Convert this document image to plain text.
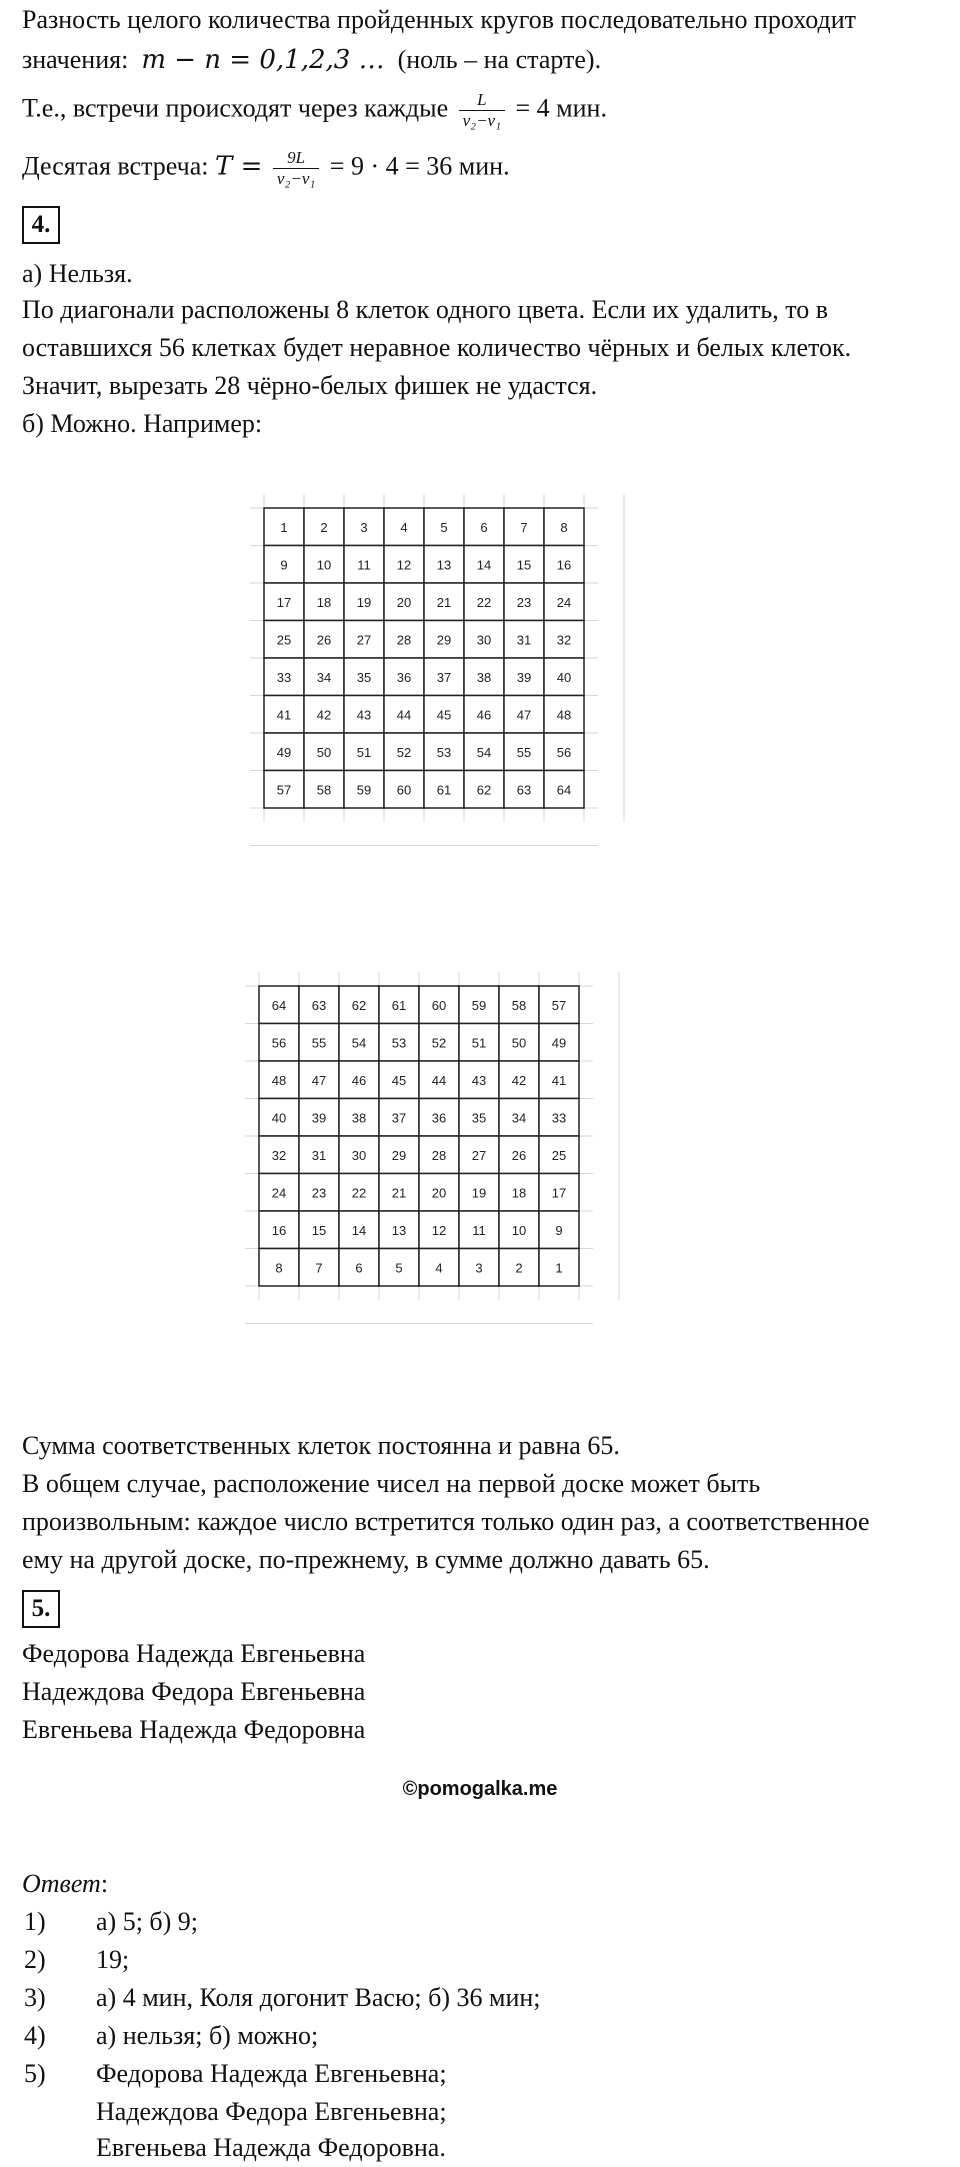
Разность целого количества пройденных кругов последовательно проходит
значения: m − n = 0,1,2,3 … (ноль – на старте).
Т.е., встречи происходят через каждые $\frac{L}{\text{v₂−v₁}} = 4$ мин.
Десятая встреча: $T = \frac{9L}{\text{v₂−v₁}} = 9 \cdot 4 = 36$ мин.
4.
а) Нельзя.
По диагонали расположены 8 клеток одного цвета. Если их удалить, то в
оставшихся 56 клетках будет неравное количество чёрных и белых клеток.
Значит, вырезать 28 чёрно-белых фишек не удастся.
б) Можно. Например:
1	2	3	4	5	6	7	8
9 10 11 12 13 14 15 16
17 18 19 20 21 22 23 24
25 26 27 28 29 30 31 32
33 34 35 36 37 38 39 40
41 42 43 44 45 46 47 48
49 50 51 52 53 54 55 56
57 58 59 60 61 62 63 64
64 63 62 61 60 59 58 57
56 55 54 53 52 51 50 49
48 47 46 45 44 43 42 41
40 39 38 37 36 35 34 33
32 31 30 29 28 27 26 25
24 23 22 21 20 19 18 17
16 15 14 13 12 11 10 9
8	7	6	5	4	3	2	1
Сумма соответственных клеток постоянна и равна 65.
В общем случае, расположение чисел на первой доске может быть
произвольным: каждое число встретится только один раз, а соответственное
ему на другой доске, по-прежнему, в сумме должно давать 65.
5.
Федорова Надежда Евгеньевна
Надеждова Федора Евгеньевна
Евгеньева Надежда Федоровна
©pomogalka.me
Ответ:
1) а) 5; б) 9;
2) 19;
3) а) 4 мин, Коля догонит Васю; б) 36 мин;
4) а) нельзя; б) можно;
5) Федорова Надежда Евгеньевна;
Надеждова Федора Евгеньевна;
Евгеньева Надежда Федоровна.
